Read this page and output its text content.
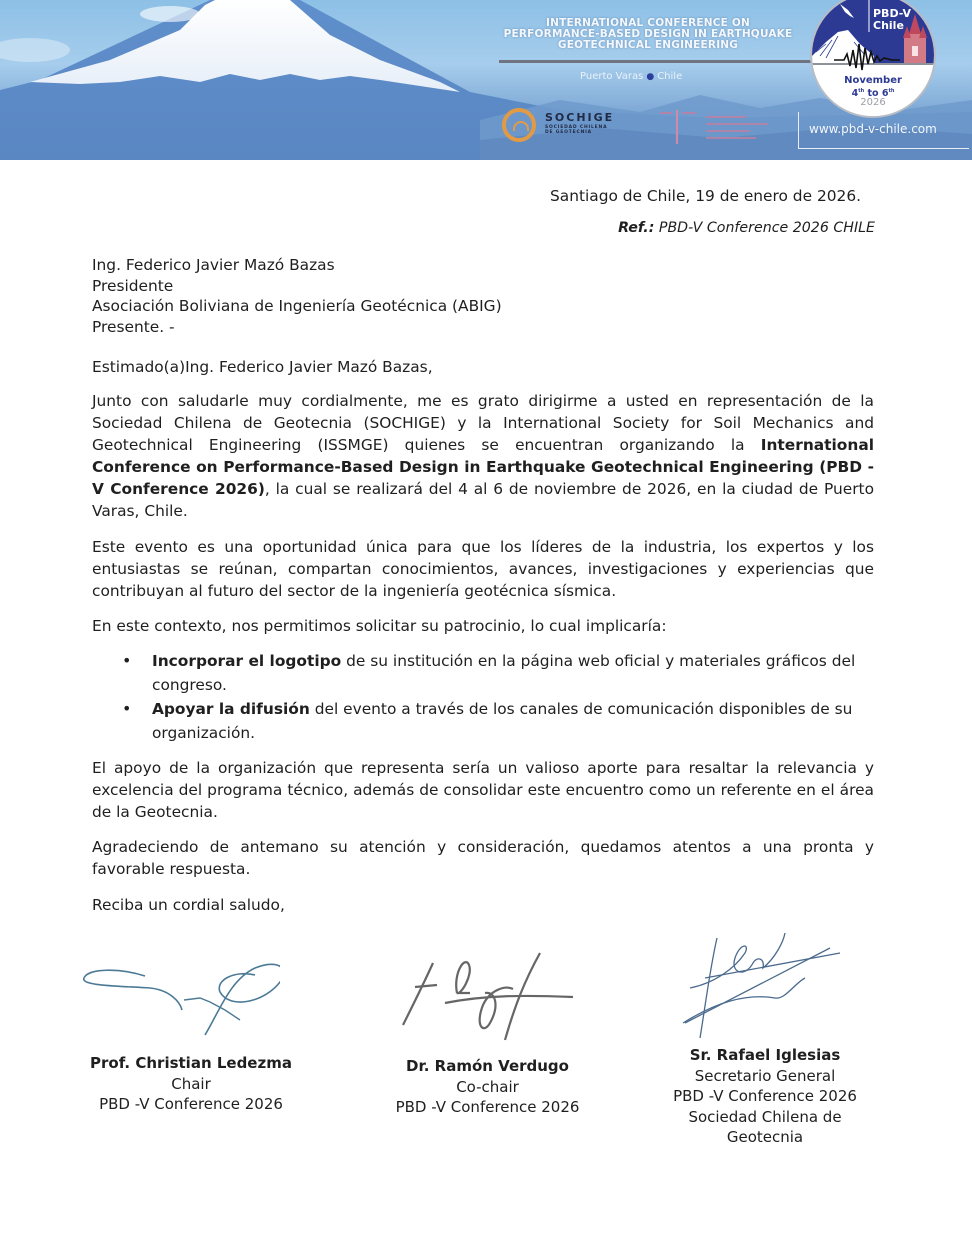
INTERNATIONAL CONFERENCE ON
PERFORMANCE-BASED DESIGN IN EARTHQUAKE
GEOTECHNICAL ENGINEERING
Puerto Varas ● Chile
SOCHIGE
SOCIEDAD CHILENA
DE GEOTECNIA	www.pbd-v-chile.com
PBD-V
Chile
November
4th to 6th
2026
Santiago de Chile, 19 de enero de 2026.
Ref.: PBD-V Conference 2026 CHILE
Ing. Federico Javier Mazó Bazas
Presidente
Asociación Boliviana de Ingeniería Geotécnica (ABIG)
Presente. -
Estimado(a)Ing. Federico Javier Mazó Bazas,
Junto con saludarle muy cordialmente, me es grato dirigirme a usted en representación de la Sociedad Chilena de Geotecnia (SOCHIGE) y la International Society for Soil Mechanics and Geotechnical Engineering (ISSMGE) quienes se encuentran organizando la International Conference on Performance-Based Design in Earthquake Geotechnical Engineering (PBD -V Conference 2026), la cual se realizará del 4 al 6 de noviembre de 2026, en la ciudad de Puerto Varas, Chile.
Este evento es una oportunidad única para que los líderes de la industria, los expertos y los entusiastas se reúnan, compartan conocimientos, avances, investigaciones y experiencias que contribuyan al futuro del sector de la ingeniería geotécnica sísmica.
En este contexto, nos permitimos solicitar su patrocinio, lo cual implicaría:
• Incorporar el logotipo de su institución en la página web oficial y materiales gráficos del congreso.
• Apoyar la difusión del evento a través de los canales de comunicación disponibles de su organización.
El apoyo de la organización que representa sería un valioso aporte para resaltar la relevancia y excelencia del programa técnico, además de consolidar este encuentro como un referente en el área de la Geotecnia.
Agradeciendo de antemano su atención y consideración, quedamos atentos a una pronta y favorable respuesta.
Reciba un cordial saludo,
Prof. Christian Ledezma
Chair
PBD -V Conference 2026
Dr. Ramón Verdugo
Co-chair
PBD -V Conference 2026
Sr. Rafael Iglesias
Secretario General
PBD -V Conference 2026
Sociedad Chilena de
Geotecnia
